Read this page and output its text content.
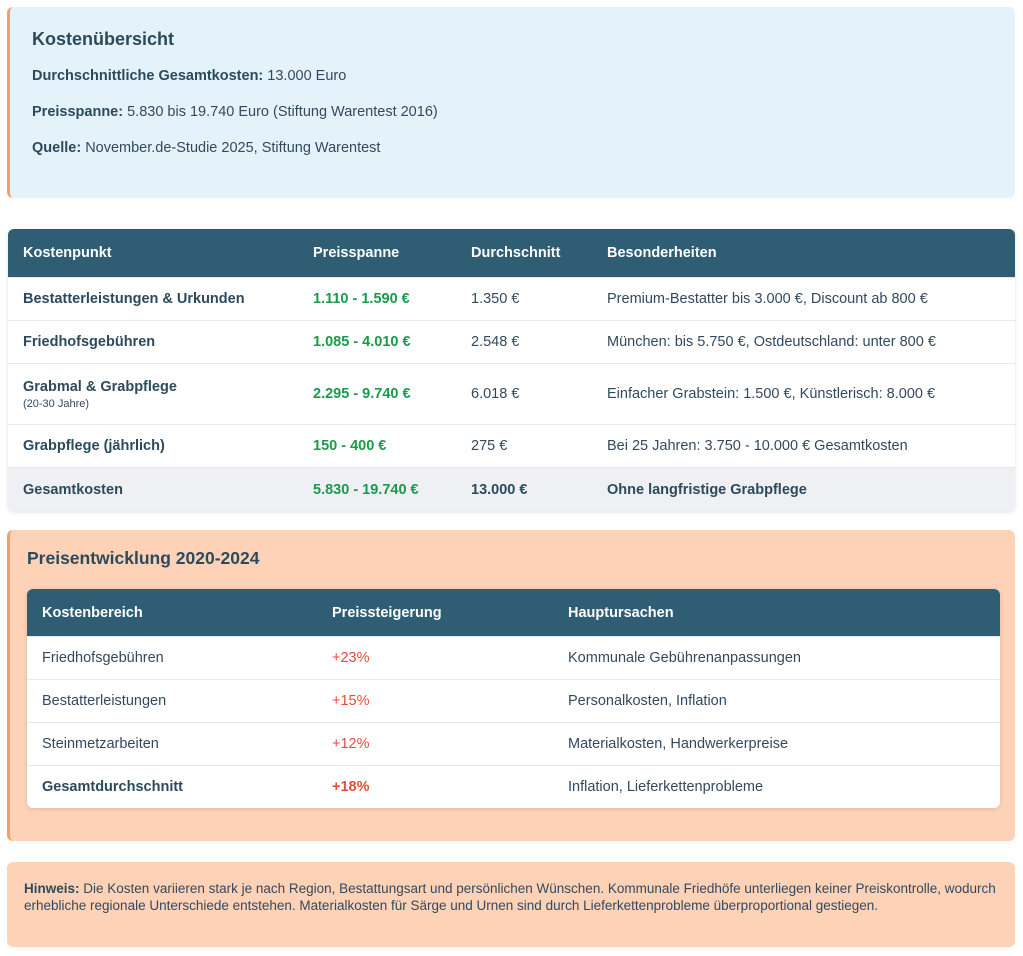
Kostenübersicht

Durchschnittliche Gesamtkosten: 13.000 Euro

Preisspanne: 5.830 bis 19.740 Euro (Stiftung Warentest 2016)

Quelle: November.de-Studie 2025, Stiftung Warentest

Kostenpunkt	Preisspanne	Durchschnitt	Besonderheiten
Bestatterleistungen & Urkunden	1.110 - 1.590 €	1.350 €	Premium-Bestatter bis 3.000 €, Discount ab 800 €
Friedhofsgebühren	1.085 - 4.010 €	2.548 €	München: bis 5.750 €, Ostdeutschland: unter 800 €
Grabmal & Grabpflege
(20-30 Jahre)	2.295 - 9.740 €	6.018 €	Einfacher Grabstein: 1.500 €, Künstlerisch: 8.000 €
Grabpflege (jährlich)	150 - 400 €	275 €	Bei 25 Jahren: 3.750 - 10.000 € Gesamtkosten
Gesamtkosten	5.830 - 19.740 €	13.000 €	Ohne langfristige Grabpflege
Preisentwicklung 2020-2024
Kostenbereich	Preissteigerung	Hauptursachen
Friedhofsgebühren	+23%	Kommunale Gebührenanpassungen
Bestatterleistungen	+15%	Personalkosten, Inflation
Steinmetzarbeiten	+12%	Materialkosten, Handwerkerpreise
Gesamtdurchschnitt	+18%	Inflation, Lieferkettenprobleme
Hinweis: Die Kosten variieren stark je nach Region, Bestattungsart und persönlichen Wünschen. Kommunale Friedhöfe unterliegen keiner Preiskontrolle, wodurch erhebliche regionale Unterschiede entstehen. Materialkosten für Särge und Urnen sind durch Lieferkettenprobleme überproportional gestiegen.
